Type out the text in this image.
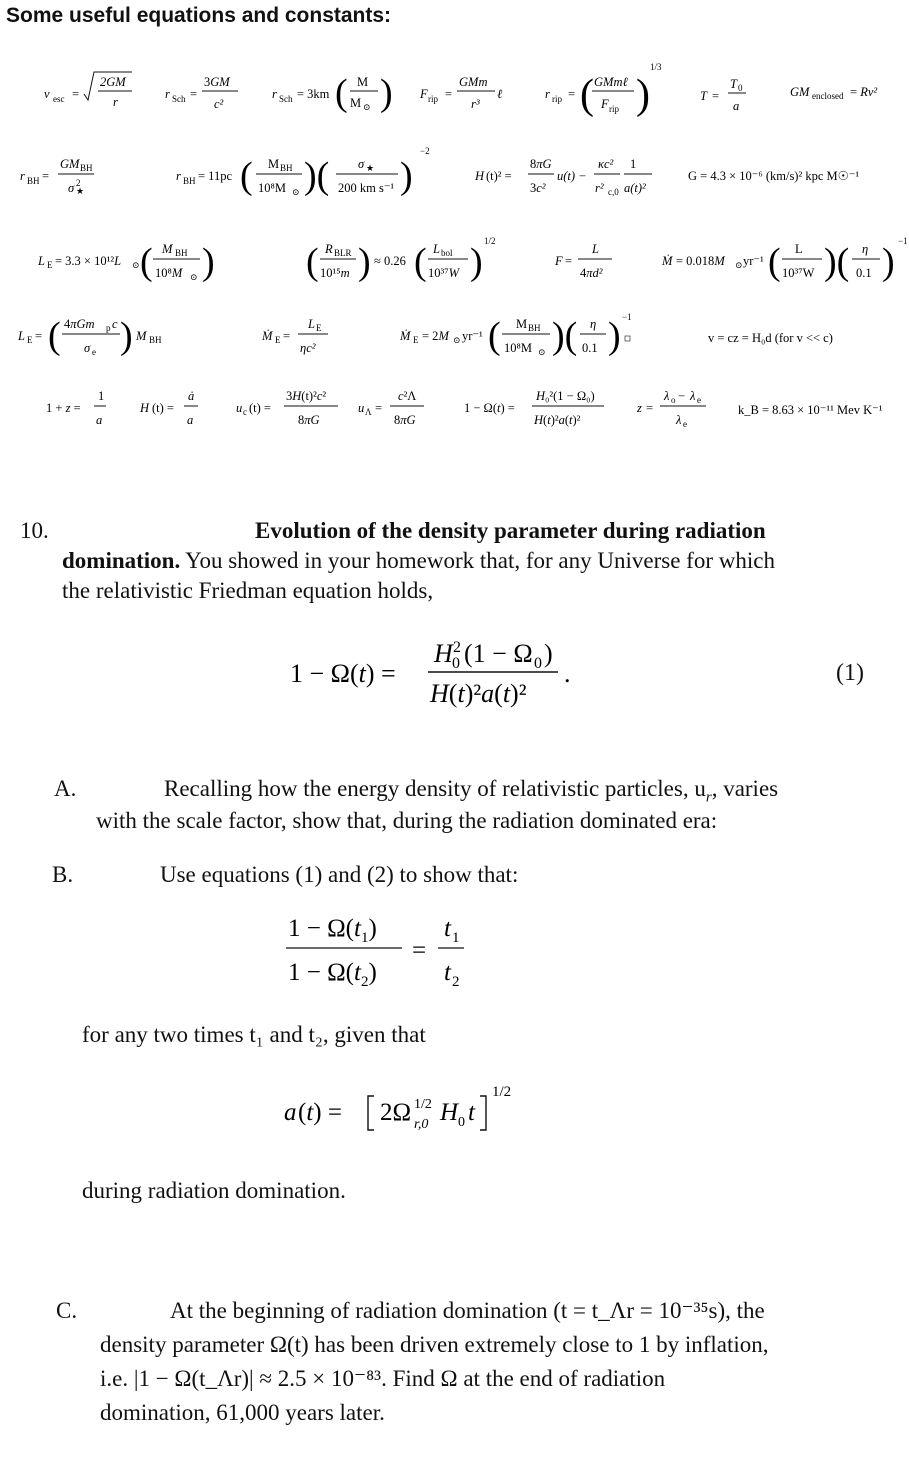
Some useful equations and constants:
v esc =
2GM
r
r Sch =
3GM
c²
r Sch = 3km ( M
M ⊙ ) F rip =
GMm
r³
ℓ	r rip = ( GMmℓ
F rip )
1/3
T =
T 0
a
GM enclosed = Rv²
r BH =
GM BH
σ ★
2	r BH = 11pc ( M BH
10⁸M ⊙ )( σ ★
200 km s⁻¹ )
−2
H (t)² =
8πG
3c²
u(t) −
κc²
r² c,0
1
a(t)²
G = 4.3 × 10⁻⁶ (km/s)² kpc M☉⁻¹
L E = 3.3 × 10¹²L ⊙ ( M BH
10⁸M ⊙ ) ( R BLR
10¹⁵m ) ≈ 0.26 ( L bol
10³⁷W ) 1/2
F =
L
4πd²
Ṁ = 0.018M ⊙ yr⁻¹ ( L
10³⁷W )( η
0.1 ) −1
L E = ( 4πGm p c
σ e ) M BH	Ṁ E =
L E
ηc²
Ṁ E = 2M ⊙ yr⁻¹ ( M BH
10⁸M ⊙ )( η
0.1 ) −1
v = cz = H₀d (for v << c)
1 + z =
1
a
H (t) =
ȧ
a
u c (t) =
3H(t)²c²
8πG
u Λ =
c²Λ
8πG
1 − Ω(t) =
H₀²(1 − Ω₀)
H(t)²a(t)²
z =
λ o − λ e
λ e
k_B = 8.63 × 10⁻¹¹ Mev K⁻¹
10.	Evolution of the density parameter during radiation
domination. You showed in your homework that, for any Universe for which
the relativistic Friedman equation holds,
1 − Ω(t) =
H 2
0 (1 − Ω 0 )
H(t)²a(t)²
.	(1)
A.	Recalling how the energy density of relativistic particles, $u_r$, varies
with the scale factor, show that, during the radiation dominated era:
B.	Use equations (1) and (2) to show that:
$1 - \Omega(t_1)$
$1 - \Omega(t_2)$
=
t 1
t 2
for any two times t₁ and t₂, given that
a (t) = 2Ω 1/2
r,0 H 0 t
1/2
during radiation domination.
C.	At the beginning of radiation domination (t = t_Λr = 10⁻³⁵s), the
density parameter Ω(t) has been driven extremely close to 1 by inflation,
i.e. |1 − Ω(t_Λr)| ≈ 2.5 × 10⁻⁸³. Find Ω at the end of radiation
domination, 61,000 years later.
